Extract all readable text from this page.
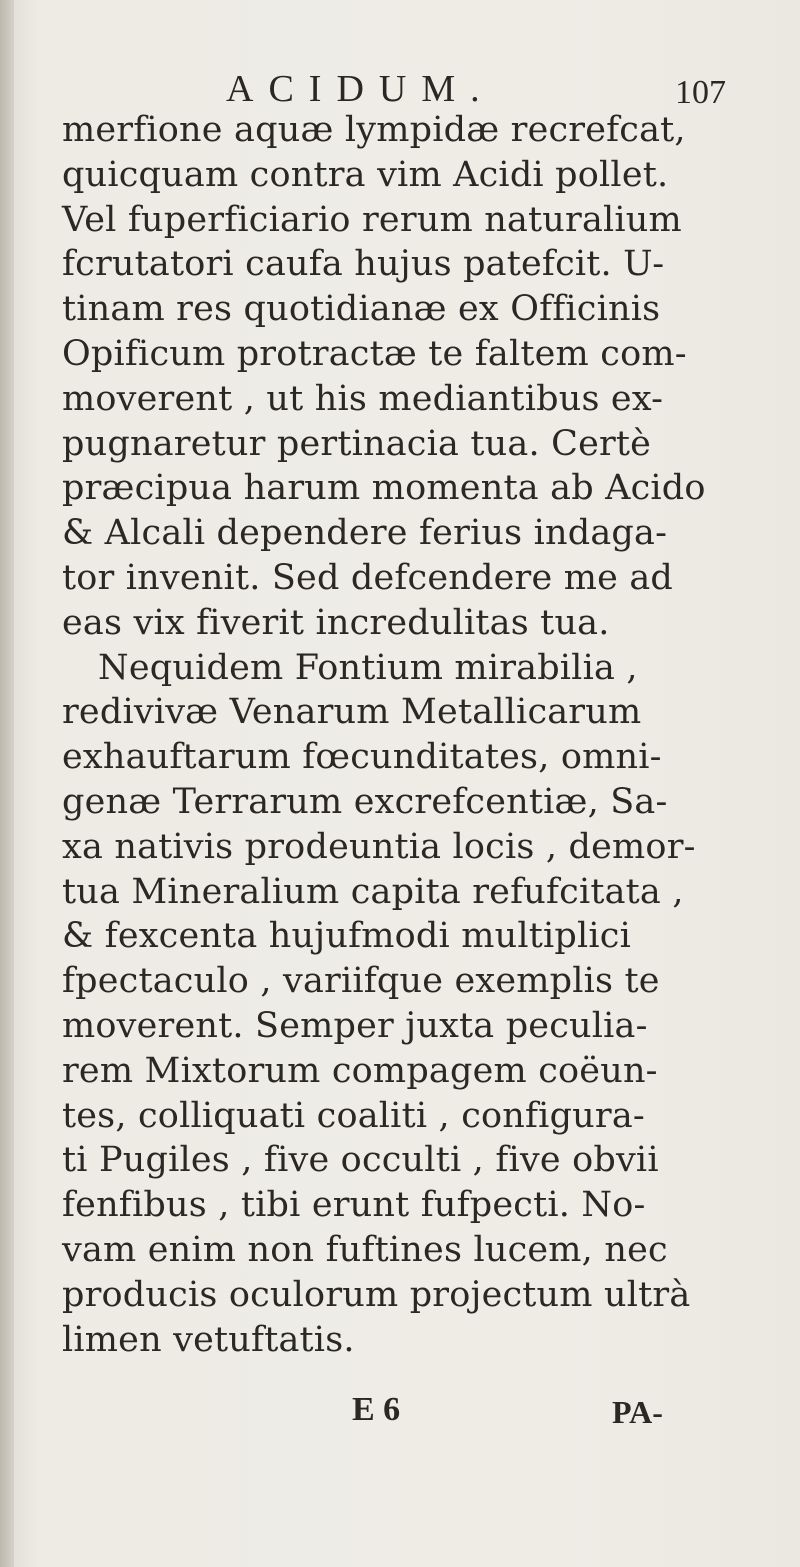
ACIDUM.	107
merfione aquæ lympidæ recrefcat,
quicquam contra vim Acidi pollet.
Vel fuperficiario rerum naturalium
fcrutatori caufa hujus patefcit. U-
tinam res quotidianæ ex Officinis
Opificum protractæ te faltem com-
moverent , ut his mediantibus ex-
pugnaretur pertinacia tua. Certè
præcipua harum momenta ab Acido
& Alcali dependere ferius indaga-
tor invenit. Sed defcendere me ad
eas vix fiverit incredulitas tua.
Nequidem Fontium mirabilia ,
redivivæ Venarum Metallicarum
exhauftarum fœcunditates, omni-
genæ Terrarum excrefcentiæ, Sa-
xa nativis prodeuntia locis , demor-
tua Mineralium capita refufcitata ,
& fexcenta hujufmodi multiplici
fpectaculo , variifque exemplis te
moverent. Semper juxta peculia-
rem Mixtorum compagem coëun-
tes, colliquati coaliti , configura-
ti Pugiles , five occulti , five obvii
fenfibus , tibi erunt fufpecti. No-
vam enim non fuftines lucem, nec
producis oculorum projectum ultrà
limen vetuftatis.
E 6	PA-
